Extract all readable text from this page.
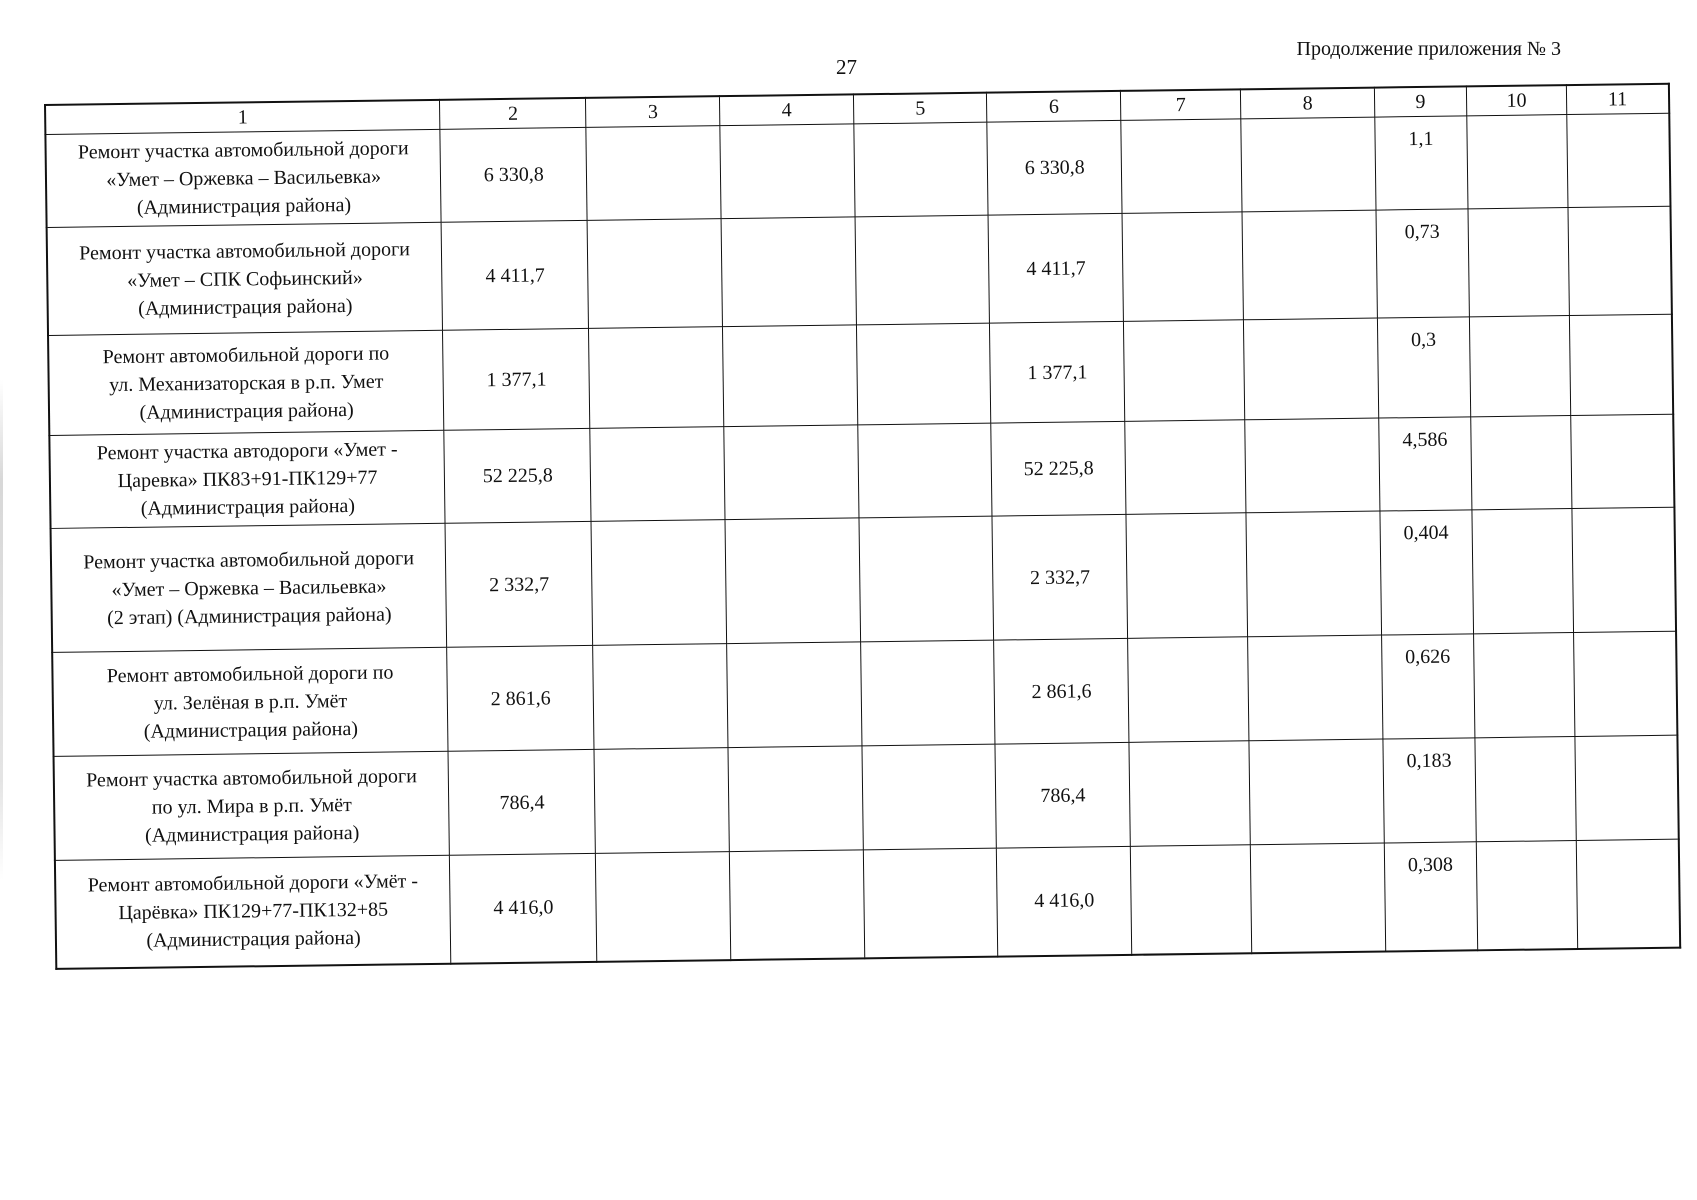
27
Продолжение приложения № 3
1	2	3	4	5	6	7	8	9	10	11

Ремонт участка автомобильной дороги
«Умет – Оржевка – Васильевка»
(Администрация района)	6 330,8				6 330,8			1,1		

Ремонт участка автомобильной дороги
«Умет – СПК Софьинский»
(Администрация района)	4 411,7				4 411,7			0,73		

Ремонт автомобильной дороги по
ул. Механизаторская в р.п. Умет
(Администрация района)	1 377,1				1 377,1			0,3		

Ремонт участка автодороги «Умет -
Царевка» ПК83+91-ПК129+77
(Администрация района)	52 225,8				52 225,8			4,586		

Ремонт участка автомобильной дороги
«Умет – Оржевка – Васильевка»
(2 этап) (Администрация района)	2 332,7				2 332,7			0,404		

Ремонт автомобильной дороги по
ул. Зелёная в р.п. Умёт
(Администрация района)	2 861,6				2 861,6			0,626		

Ремонт участка автомобильной дороги
по ул. Мира в р.п. Умёт
(Администрация района)	786,4				786,4			0,183		

Ремонт автомобильной дороги «Умёт -
Царёвка» ПК129+77-ПК132+85
(Администрация района)	4 416,0				4 416,0			0,308		
